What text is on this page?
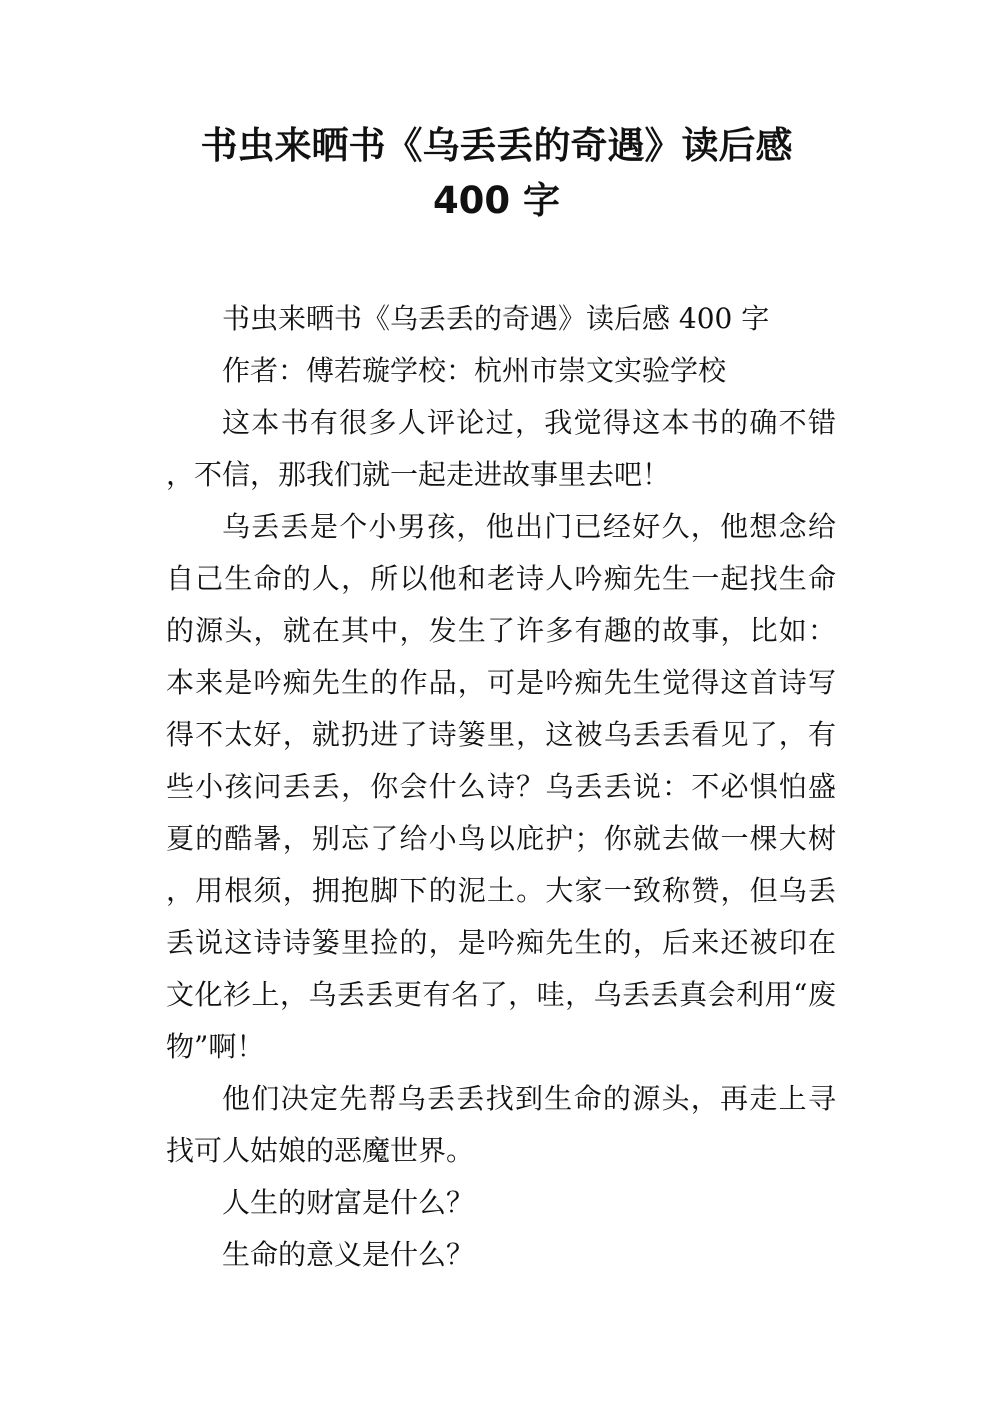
书虫来晒书《乌丢丢的奇遇》读后感
400 字

书虫来晒书《乌丢丢的奇遇》读后感 400 字

作者：傅若璇学校：杭州市崇文实验学校

这本书有很多人评论过，我觉得这本书的确不错，不信，那我们就一起走进故事里去吧！

乌丢丢是个小男孩，他出门已经好久，他想念给自己生命的人，所以他和老诗人吟痴先生一起找生命的源头，就在其中，发生了许多有趣的故事，比如：本来是吟痴先生的作品，可是吟痴先生觉得这首诗写得不太好，就扔进了诗篓里，这被乌丢丢看见了，有些小孩问丢丢，你会什么诗？乌丢丢说：不必惧怕盛夏的酷暑，别忘了给小鸟以庇护；你就去做一棵大树，用根须，拥抱脚下的泥土。大家一致称赞，但乌丢丢说这诗诗篓里捡的，是吟痴先生的，后来还被印在文化衫上，乌丢丢更有名了，哇，乌丢丢真会利用“废物”啊！

他们决定先帮乌丢丢找到生命的源头，再走上寻找可人姑娘的恶魔世界。

人生的财富是什么？

生命的意义是什么？
